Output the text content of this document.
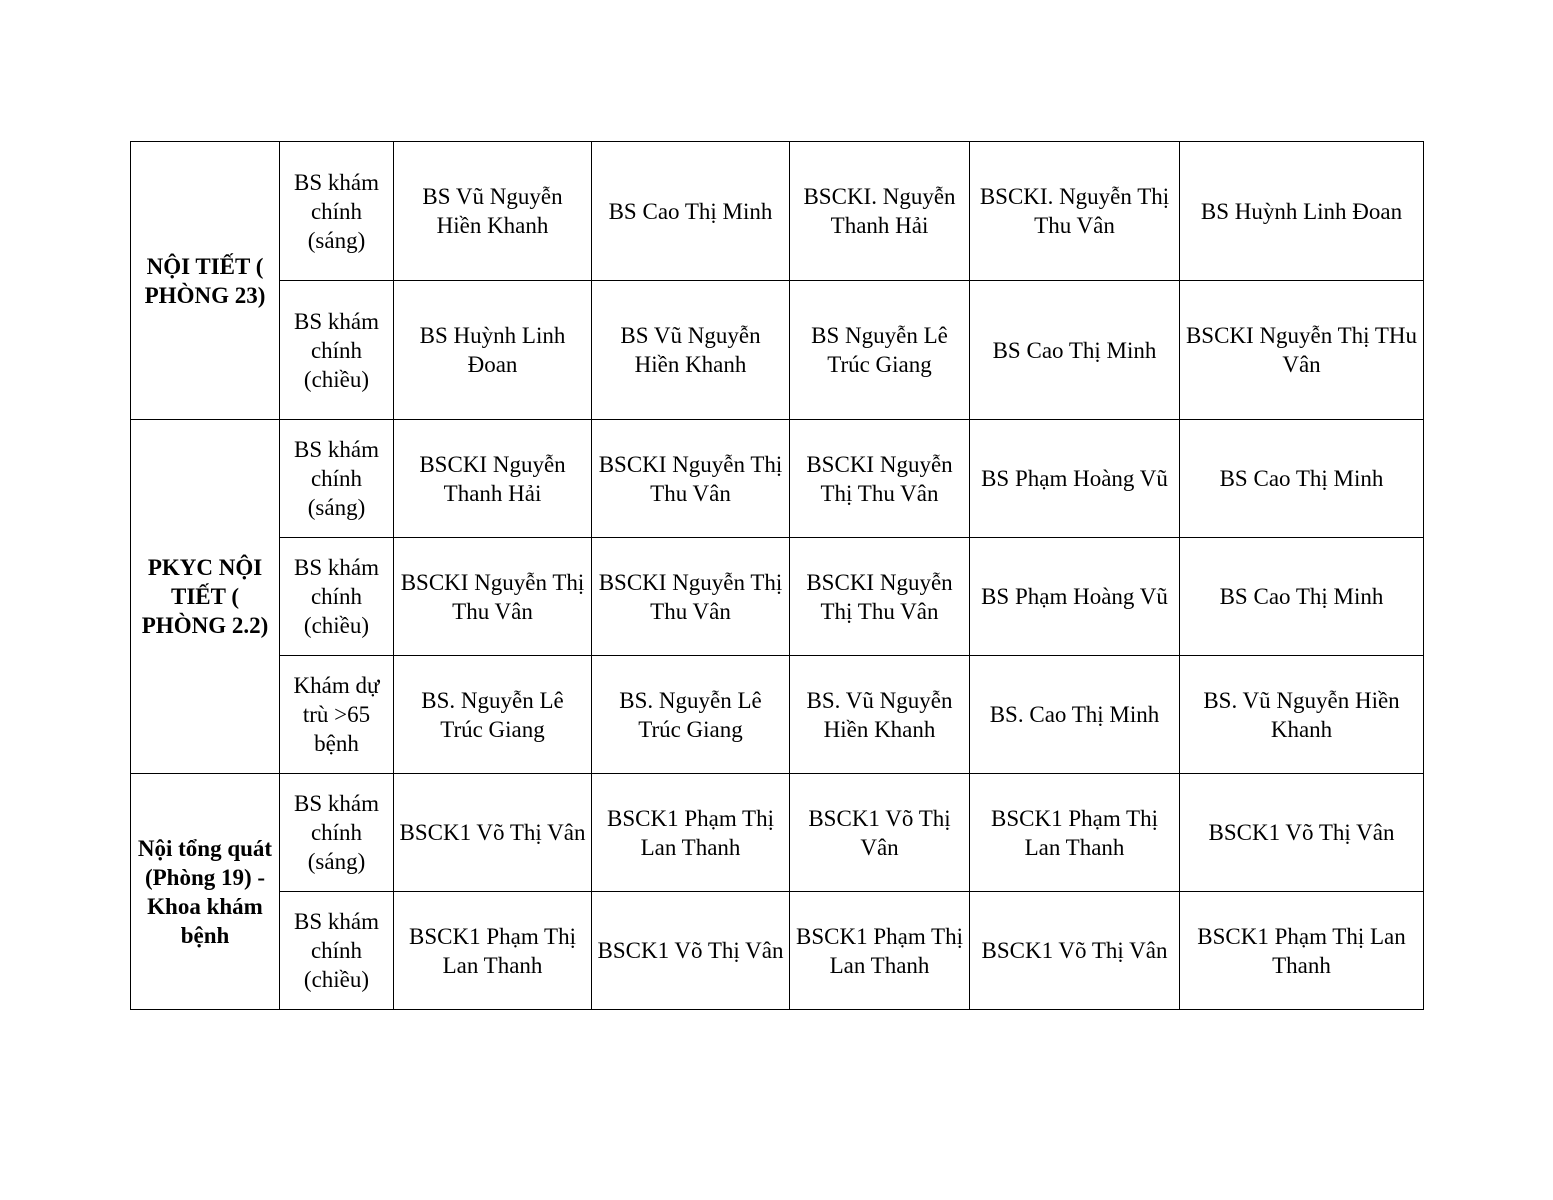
NỘI TIẾT ( PHÒNG 23)	BS khám chính (sáng)	BS Vũ Nguyễn Hiền Khanh	BS Cao Thị Minh	BSCKI. Nguyễn Thanh Hải	BSCKI. Nguyễn Thị Thu Vân	BS Huỳnh Linh Đoan
	BS khám chính (chiều)	BS Huỳnh Linh Đoan	BS Vũ Nguyễn Hiền Khanh	BS Nguyễn Lê Trúc Giang	BS Cao Thị Minh	BSCKI Nguyễn Thị THu Vân
PKYC NỘI TIẾT ( PHÒNG 2.2)	BS khám chính (sáng)	BSCKI Nguyễn Thanh Hải	BSCKI Nguyễn Thị Thu Vân	BSCKI Nguyễn Thị Thu Vân	BS Phạm Hoàng Vũ	BS Cao Thị Minh
	BS khám chính (chiều)	BSCKI Nguyễn Thị Thu Vân	BSCKI Nguyễn Thị Thu Vân	BSCKI Nguyễn Thị Thu Vân	BS Phạm Hoàng Vũ	BS Cao Thị Minh
	Khám dự trù >65 bệnh	BS. Nguyễn Lê Trúc Giang	BS. Nguyễn Lê Trúc Giang	BS. Vũ Nguyễn Hiền Khanh	BS. Cao Thị Minh	BS. Vũ Nguyễn Hiền Khanh
Nội tổng quát (Phòng 19) - Khoa khám bệnh	BS khám chính (sáng)	BSCK1 Võ Thị Vân	BSCK1 Phạm Thị Lan Thanh	BSCK1 Võ Thị Vân	BSCK1 Phạm Thị Lan Thanh	BSCK1 Võ Thị Vân
	BS khám chính (chiều)	BSCK1 Phạm Thị Lan Thanh	BSCK1 Võ Thị Vân	BSCK1 Phạm Thị Lan Thanh	BSCK1 Võ Thị Vân	BSCK1 Phạm Thị Lan Thanh
